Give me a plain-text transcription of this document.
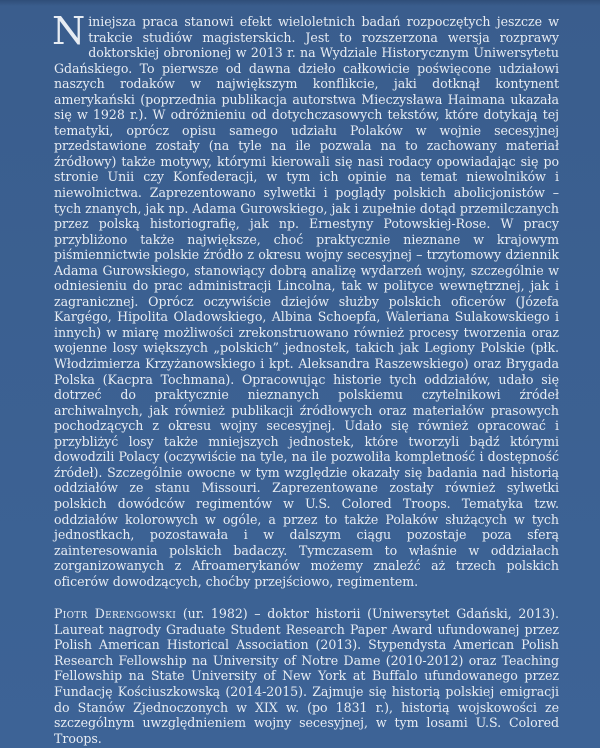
Niniejsza praca stanowi efekt wieloletnich badań rozpoczętych jeszcze w trakcie studiów magisterskich. Jest to rozszerzona wersja rozprawy doktorskiej obronionej w 2013 r. na Wydziale Historycznym Uniwersytetu Gdańskiego. To pierwsze od dawna dzieło całkowicie poświęcone udziałowi naszych rodaków w największym konflikcie, jaki dotknął kontynent amerykański (poprzednia publikacja autorstwa Mieczysława Haimana ukazała się w 1928 r.). W odróżnieniu od dotychczasowych tekstów, które dotykają tej tematyki, oprócz opisu samego udziału Polaków w wojnie secesyjnej przedstawione zostały (na tyle na ile pozwala na to zachowany materiał źródłowy) także motywy, którymi kierowali się nasi rodacy opowiadając się po stronie Unii czy Konfederacji, w tym ich opinie na temat niewolników i niewolnictwa. Zaprezentowano sylwetki i poglądy polskich abolicjonistów – tych znanych, jak np. Adama Gurowskiego, jak i zupełnie dotąd przemilczanych przez polską historiografię, jak np. Ernestyny Potowskiej-Rose. W pracy przybliżono także największe, choć praktycznie nieznane w krajowym piśmiennictwie polskie źródło z okresu wojny secesyjnej – trzytomowy dziennik Adama Gurowskiego, stanowiący dobrą analizę wydarzeń wojny, szczególnie w odniesieniu do prac administracji Lincolna, tak w polityce wewnętrznej, jak i zagranicznej. Oprócz oczywiście dziejów służby polskich oficerów (Józefa Kargégo, Hipolita Oladowskiego, Albina Schoepfa, Waleriana Sulakowskiego i innych) w miarę możliwości zrekonstruowano również procesy tworzenia oraz wojenne losy większych „polskich” jednostek, takich jak Legiony Polskie (płk. Włodzimierza Krzyżanowskiego i kpt. Aleksandra Raszewskiego) oraz Brygada Polska (Kacpra Tochmana). Opracowując historie tych oddziałów, udało się dotrzeć do praktycznie nieznanych polskiemu czytelnikowi źródeł archiwalnych, jak również publikacji źródłowych oraz materiałów prasowych pochodzących z okresu wojny secesyjnej. Udało się również opracować i przybliżyć losy także mniejszych jednostek, które tworzyli bądź którymi dowodzili Polacy (oczywiście na tyle, na ile pozwoliła kompletność i dostępność źródeł). Szczególnie owocne w tym względzie okazały się badania nad historią oddziałów ze stanu Missouri. Zaprezentowane zostały również sylwetki polskich dowódców regimentów w U.S. Colored Troops. Tematyka tzw. oddziałów kolorowych w ogóle, a przez to także Polaków służących w tych jednostkach, pozostawała i w dalszym ciągu pozostaje poza sferą zainteresowania polskich badaczy. Tymczasem to właśnie w oddziałach zorganizowanych z Afroamerykanów możemy znaleźć aż trzech polskich oficerów dowodzących, choćby przejściowo, regimentem.

Piotr Derengowski (ur. 1982) – doktor historii (Uniwersytet Gdański, 2013). Laureat nagrody Graduate Student Research Paper Award ufundowanej przez Polish American Historical Association (2013). Stypendysta American Polish Research Fellowship na University of Notre Dame (2010-2012) oraz Teaching Fellowship na State University of New York at Buffalo ufundowanego przez Fundację Kościuszkowską (2014-2015). Zajmuje się historią polskiej emigracji do Stanów Zjednoczonych w XIX w. (po 1831 r.), historią wojskowości ze szczególnym uwzględnieniem wojny secesyjnej, w tym losami U.S. Colored Troops.
